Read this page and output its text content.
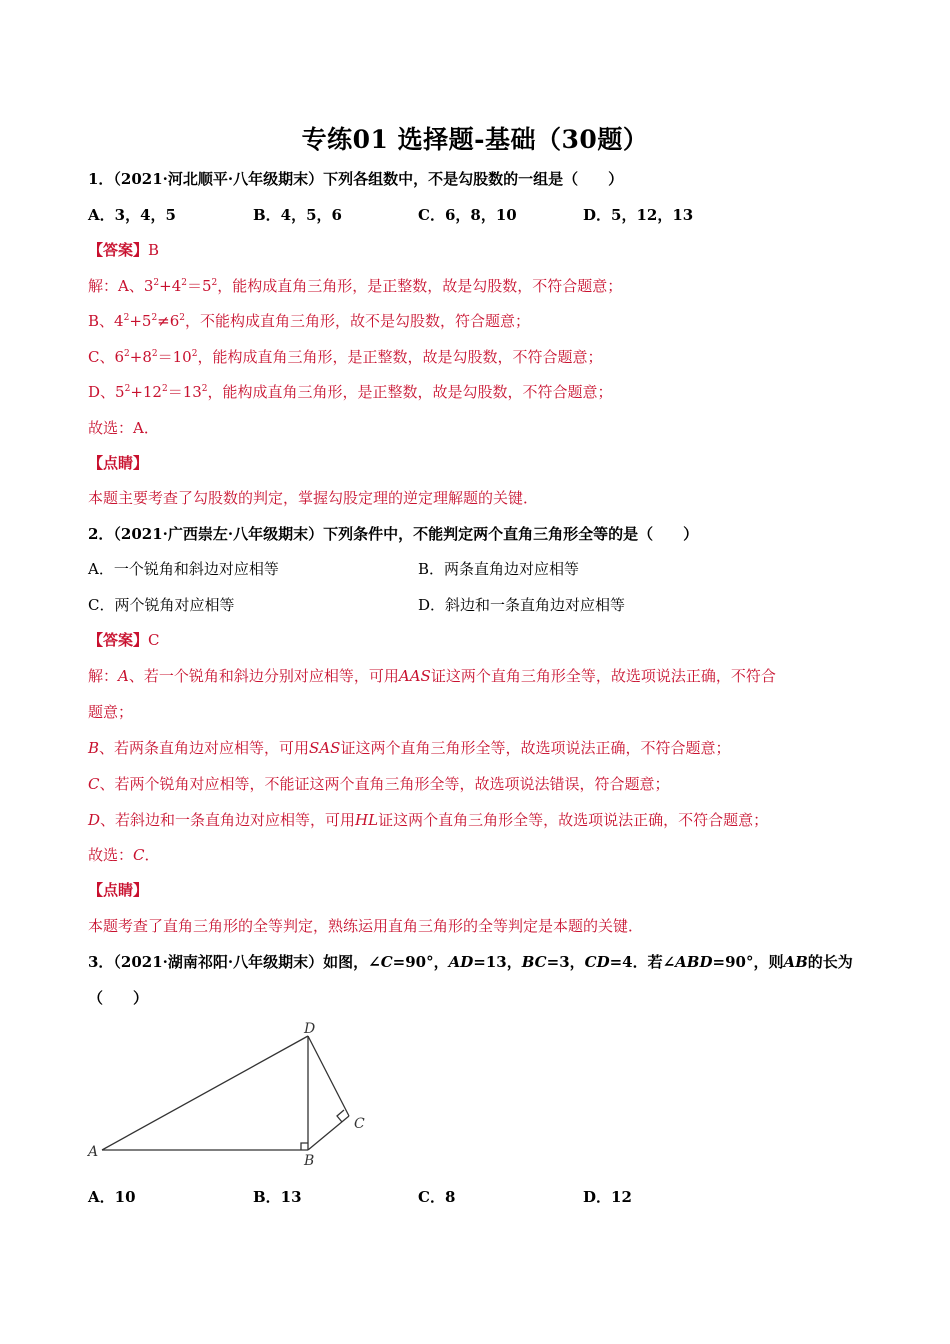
专练01 选择题-基础（30题）
1．（2021·河北顺平·八年级期末）下列各组数中，不是勾股数的一组是（　　）
A．3，4，5	B．4，5，6	C．6，8，10	D．5，12，13
【答案】B
解：A、$3^2+4^2=5^2$，能构成直角三角形，是正整数，故是勾股数，不符合题意；
B、$4^2+5^2\ne 6^2$，不能构成直角三角形，故不是勾股数，符合题意；
C、$6^2+8^2=10^2$，能构成直角三角形，是正整数，故是勾股数，不符合题意；
D、$5^2+12^2=13^2$，能构成直角三角形，是正整数，故是勾股数，不符合题意；
故选：A．
【点睛】
本题主要考查了勾股数的判定，掌握勾股定理的逆定理解题的关键．
2．（2021·广西崇左·八年级期末）下列条件中，不能判定两个直角三角形全等的是（　　）
A．一个锐角和斜边对应相等	B．两条直角边对应相等
C．两个锐角对应相等	D．斜边和一条直角边对应相等
【答案】C
解：A、若一个锐角和斜边分别对应相等，可用AAS证这两个直角三角形全等，故选项说法正确，不符合
题意；
B、若两条直角边对应相等，可用SAS证这两个直角三角形全等，故选项说法正确，不符合题意；
C、若两个锐角对应相等，不能证这两个直角三角形全等，故选项说法错误，符合题意；
D、若斜边和一条直角边对应相等，可用HL证这两个直角三角形全等，故选项说法正确，不符合题意；
故选：C．
【点睛】
本题考查了直角三角形的全等判定，熟练运用直角三角形的全等判定是本题的关键．
3．（2021·湖南祁阳·八年级期末）如图，∠C=90°，AD=13，BC=3，CD=4．若∠ABD=90°，则AB的长为
（　　）
A
B
C
D
A．10	B．13	C．8	D．12
